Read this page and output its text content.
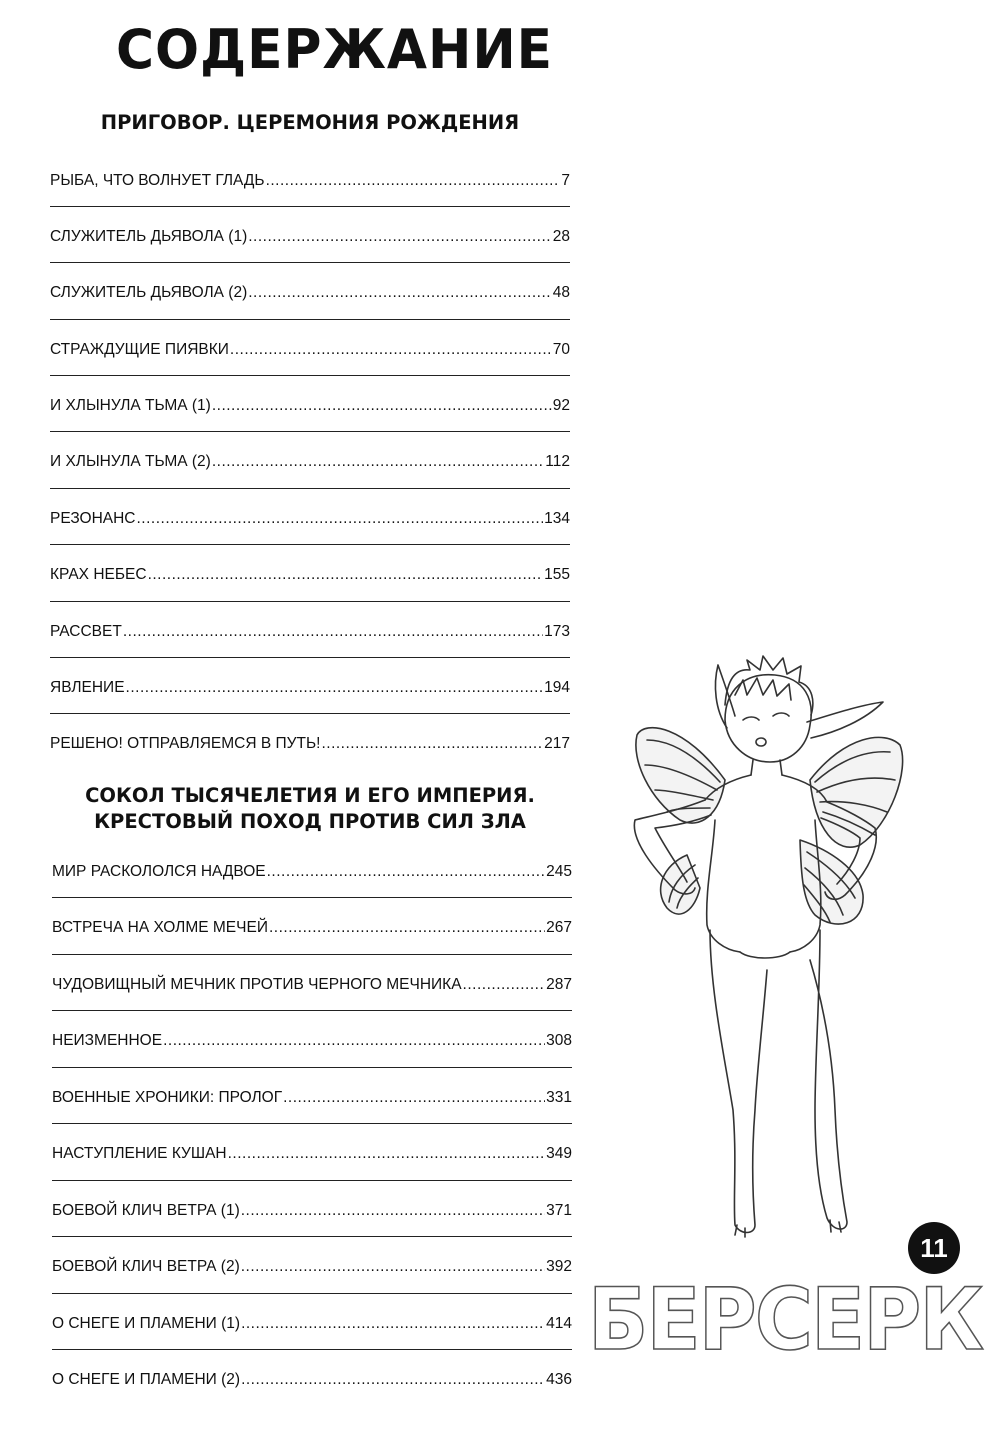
СОДЕРЖАНИЕ
ПРИГОВОР. ЦЕРЕМОНИЯ РОЖДЕНИЯ
РЫБА, ЧТО ВОЛНУЕТ ГЛАДЬ .....	7
СЛУЖИТЕЛЬ ДЬЯВОЛА (1) .....	28
СЛУЖИТЕЛЬ ДЬЯВОЛА (2) .....	48
СТРАЖДУЩИЕ ПИЯВКИ .....	70
И ХЛЫНУЛА ТЬМА (1) .....	92
И ХЛЫНУЛА ТЬМА (2) .....	112
РЕЗОНАНС .....	134
КРАХ НЕБЕС .....	155
РАССВЕТ .....	173
ЯВЛЕНИЕ .....	194
РЕШЕНО! ОТПРАВЛЯЕМСЯ В ПУТЬ! .....	217
СОКОЛ ТЫСЯЧЕЛЕТИЯ И ЕГО ИМПЕРИЯ.
КРЕСТОВЫЙ ПОХОД ПРОТИВ СИЛ ЗЛА
МИР РАСКОЛОЛСЯ НАДВОЕ .....	245
ВСТРЕЧА НА ХОЛМЕ МЕЧЕЙ .....	267
ЧУДОВИЩНЫЙ МЕЧНИК ПРОТИВ ЧЕРНОГО МЕЧНИКА .....	287
НЕИЗМЕННОЕ .....	308
ВОЕННЫЕ ХРОНИКИ: ПРОЛОГ .....	331
НАСТУПЛЕНИЕ КУШАН .....	349
БОЕВОЙ КЛИЧ ВЕТРА (1) .....	371
БОЕВОЙ КЛИЧ ВЕТРА (2) .....	392
О СНЕГЕ И ПЛАМЕНИ (1) .....	414
О СНЕГЕ И ПЛАМЕНИ (2) .....	436
11
БЕРСЕРК
